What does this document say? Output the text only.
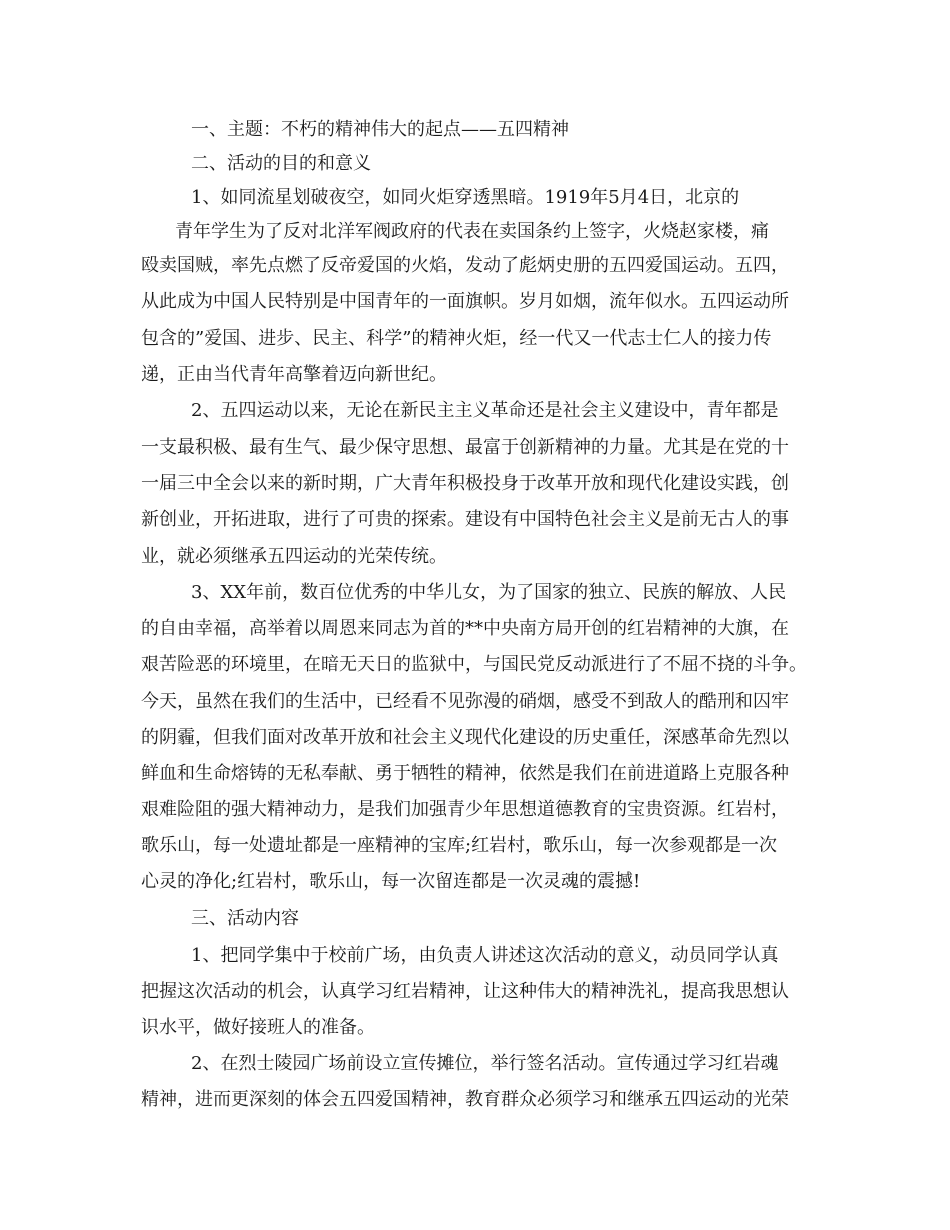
一、主题：不朽的精神伟大的起点——五四精神
二、活动的目的和意义
1、如同流星划破夜空，如同火炬穿透黑暗。1919年5月4日，北京的
青年学生为了反对北洋军阀政府的代表在卖国条约上签字，火烧赵家楼，痛
殴卖国贼，率先点燃了反帝爱国的火焰，发动了彪炳史册的五四爱国运动。五四，
从此成为中国人民特别是中国青年的一面旗帜。岁月如烟，流年似水。五四运动所
包含的”爱国、进步、民主、科学”的精神火炬，经一代又一代志士仁人的接力传
递，正由当代青年高擎着迈向新世纪。
2、五四运动以来，无论在新民主主义革命还是社会主义建设中，青年都是
一支最积极、最有生气、最少保守思想、最富于创新精神的力量。尤其是在党的十
一届三中全会以来的新时期，广大青年积极投身于改革开放和现代化建设实践，创
新创业，开拓进取，进行了可贵的探索。建设有中国特色社会主义是前无古人的事
业，就必须继承五四运动的光荣传统。
3、XX年前，数百位优秀的中华儿女，为了国家的独立、民族的解放、人民
的自由幸福，高举着以周恩来同志为首的**中央南方局开创的红岩精神的大旗，在
艰苦险恶的环境里，在暗无天日的监狱中，与国民党反动派进行了不屈不挠的斗争。
今天，虽然在我们的生活中，已经看不见弥漫的硝烟，感受不到敌人的酷刑和囚牢
的阴霾，但我们面对改革开放和社会主义现代化建设的历史重任，深感革命先烈以
鲜血和生命熔铸的无私奉献、勇于牺牲的精神，依然是我们在前进道路上克服各种
艰难险阻的强大精神动力，是我们加强青少年思想道德教育的宝贵资源。红岩村，
歌乐山，每一处遗址都是一座精神的宝库;红岩村，歌乐山，每一次参观都是一次
心灵的净化;红岩村，歌乐山，每一次留连都是一次灵魂的震撼!
三、活动内容
1、把同学集中于校前广场，由负责人讲述这次活动的意义，动员同学认真
把握这次活动的机会，认真学习红岩精神，让这种伟大的精神洗礼，提高我思想认
识水平，做好接班人的准备。
2、在烈士陵园广场前设立宣传摊位，举行签名活动。宣传通过学习红岩魂
精神，进而更深刻的体会五四爱国精神，教育群众必须学习和继承五四运动的光荣
